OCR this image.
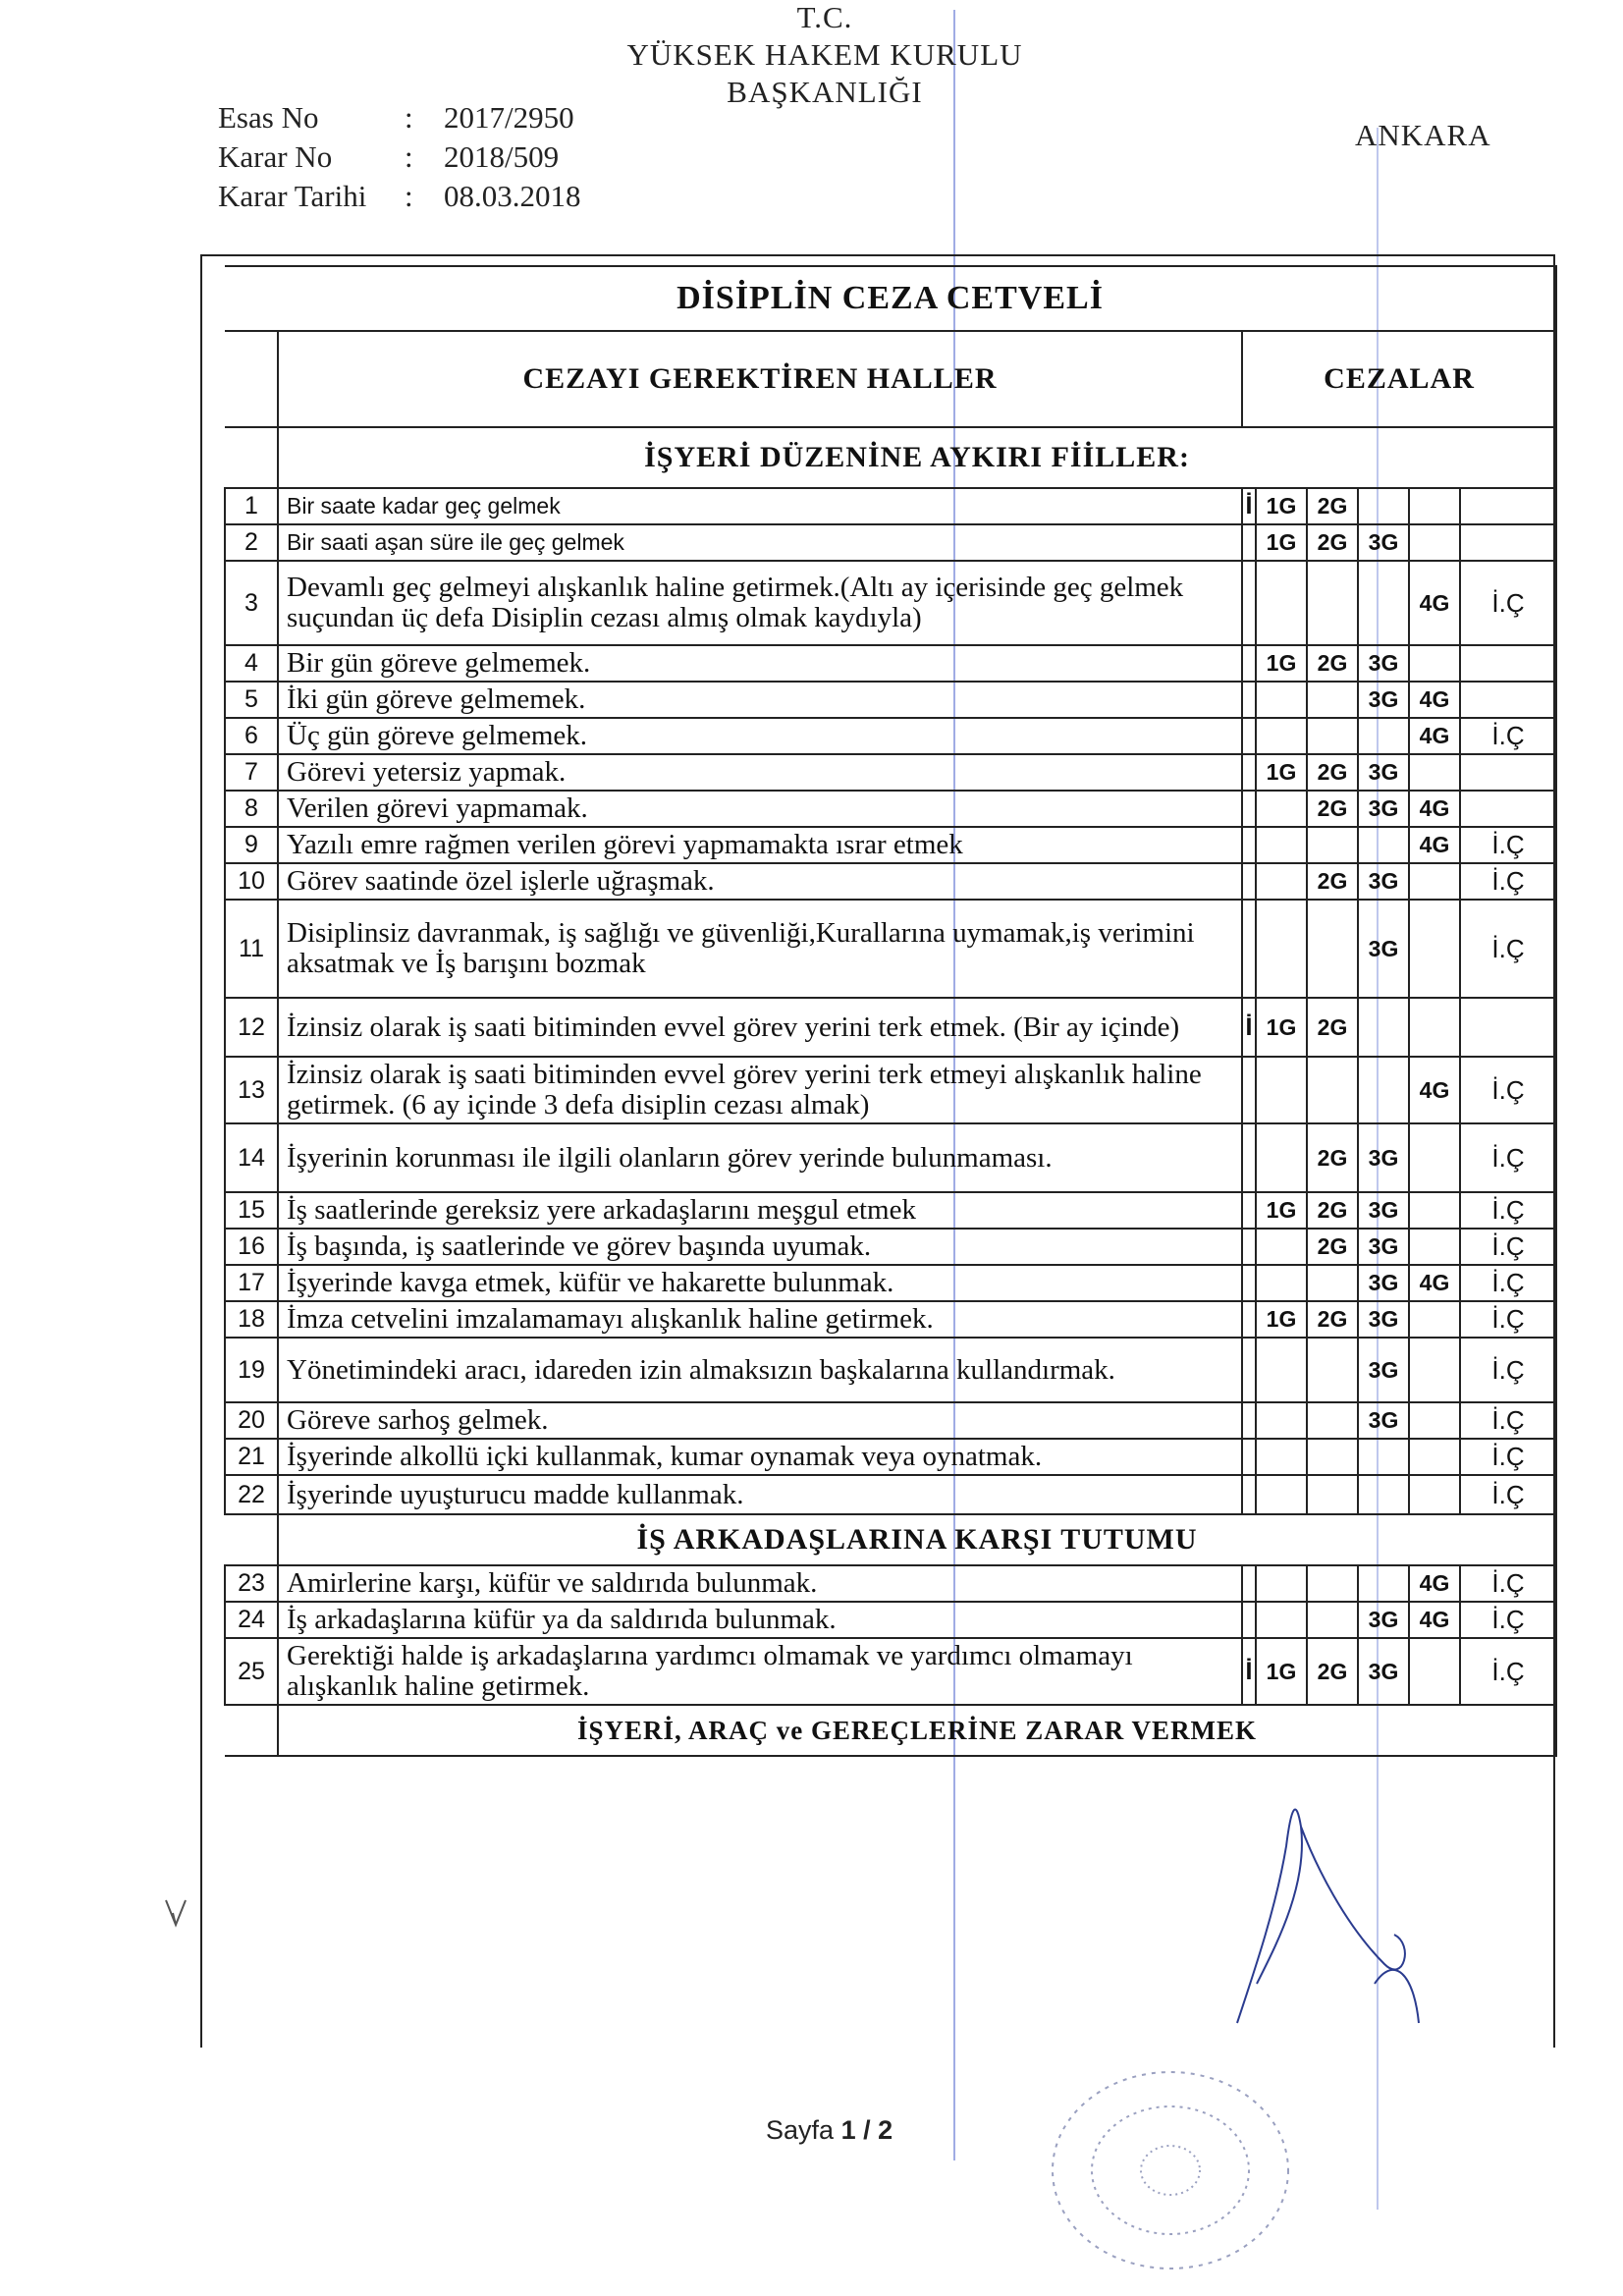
T.C.
YÜKSEK HAKEM KURULU
BAŞKANLIĞI
Esas No	:	2017/2950
Karar No	:	2018/509
Karar Tarihi	:	08.03.2018
ANKARA
DİSİPLİN CEZA CETVELİ							
	CEZAYI GEREKTİREN HALLER	CEZALAR					
	İŞYERİ DÜZENİNE AYKIRI FİİLLER:						
1	Bir saate kadar geç gelmek	İ	1G	2G			
2	Bir saati aşan süre ile geç gelmek		1G	2G	3G		
3	Devamlı geç gelmeyi alışkanlık haline getirmek.(Altı ay içerisinde geç gelmek suçundan üç defa Disiplin cezası almış olmak kaydıyla)					4G	İ.Ç
4	Bir gün göreve gelmemek.		1G	2G	3G		
5	İki gün göreve gelmemek.				3G	4G	
6	Üç gün göreve gelmemek.					4G	İ.Ç
7	Görevi yetersiz yapmak.		1G	2G	3G		
8	Verilen görevi yapmamak.			2G	3G	4G	
9	Yazılı emre rağmen verilen görevi yapmamakta ısrar etmek					4G	İ.Ç
10	Görev saatinde özel işlerle uğraşmak.			2G	3G		İ.Ç
11	Disiplinsiz davranmak, iş sağlığı ve güvenliği,Kurallarına uymamak,iş verimini aksatmak ve İş barışını bozmak				3G		İ.Ç
12	İzinsiz olarak iş saati bitiminden evvel görev yerini terk etmek. (Bir ay içinde)	İ	1G	2G			
13	İzinsiz olarak iş saati bitiminden evvel görev yerini terk etmeyi alışkanlık haline getirmek. (6 ay içinde 3 defa disiplin cezası almak)					4G	İ.Ç
14	İşyerinin korunması ile ilgili olanların görev yerinde bulunmaması.			2G	3G		İ.Ç
15	İş saatlerinde gereksiz yere arkadaşlarını meşgul etmek		1G	2G	3G		İ.Ç
16	İş başında, iş saatlerinde ve görev başında uyumak.			2G	3G		İ.Ç
17	İşyerinde kavga etmek, küfür ve hakarette bulunmak.				3G	4G	İ.Ç
18	İmza cetvelini imzalamamayı alışkanlık haline getirmek.		1G	2G	3G		İ.Ç
19	Yönetimindeki aracı, idareden izin almaksızın başkalarına kullandırmak.				3G		İ.Ç
20	Göreve sarhoş gelmek.				3G		İ.Ç
21	İşyerinde alkollü içki kullanmak, kumar oynamak veya oynatmak.						İ.Ç
22	İşyerinde uyuşturucu madde kullanmak.						İ.Ç
	İŞ ARKADAŞLARINA KARŞI TUTUMU						
23	Amirlerine karşı, küfür ve saldırıda bulunmak.					4G	İ.Ç
24	İş arkadaşlarına küfür ya da saldırıda bulunmak.				3G	4G	İ.Ç
25	Gerektiği halde iş arkadaşlarına yardımcı olmamak ve yardımcı olmamayı alışkanlık haline getirmek.	İ	1G	2G	3G		İ.Ç
	İŞYERİ, ARAÇ ve GEREÇLERİNE ZARAR VERMEK						
Sayfa 1 / 2
